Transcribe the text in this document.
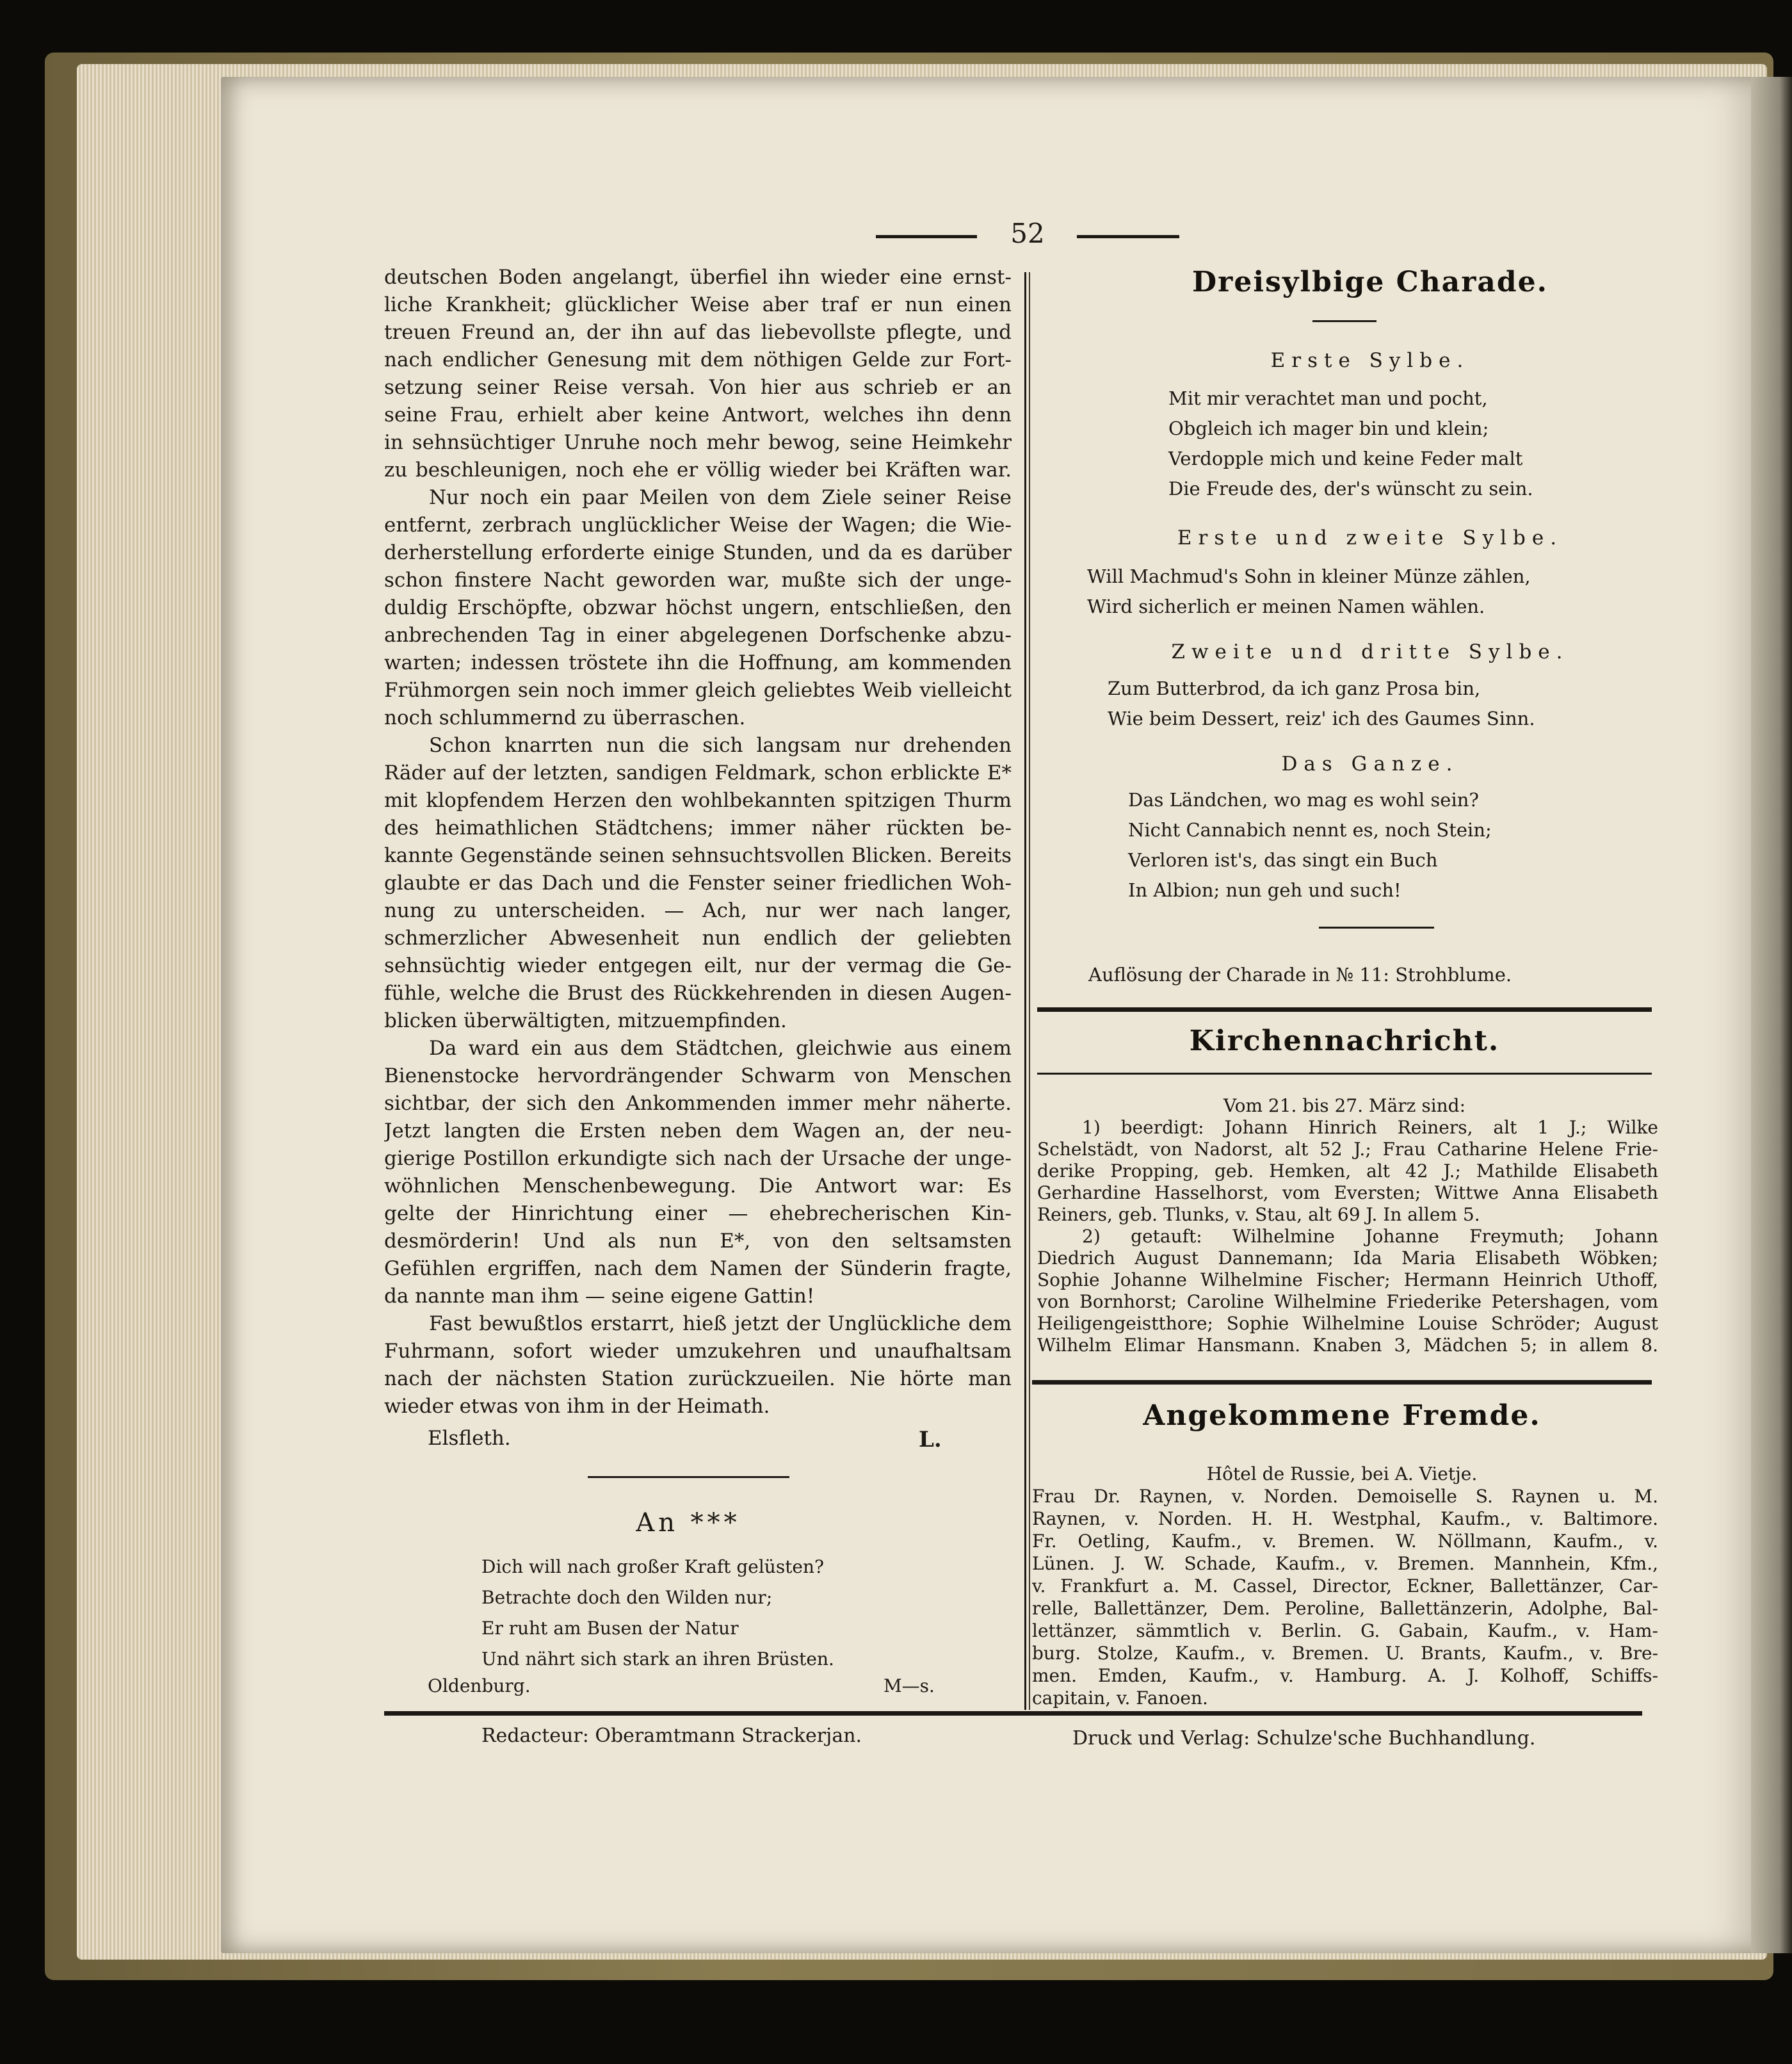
52
deutschen Boden angelangt, überfiel ihn wieder eine ernst-
liche Krankheit; glücklicher Weise aber traf er nun einen
treuen Freund an, der ihn auf das liebevollste pflegte, und
nach endlicher Genesung mit dem nöthigen Gelde zur Fort-
setzung seiner Reise versah. Von hier aus schrieb er an
seine Frau, erhielt aber keine Antwort, welches ihn denn
in sehnsüchtiger Unruhe noch mehr bewog, seine Heimkehr
zu beschleunigen, noch ehe er völlig wieder bei Kräften war.
Nur noch ein paar Meilen von dem Ziele seiner Reise
entfernt, zerbrach unglücklicher Weise der Wagen; die Wie-
derherstellung erforderte einige Stunden, und da es darüber
schon finstere Nacht geworden war, mußte sich der unge-
duldig Erschöpfte, obzwar höchst ungern, entschließen, den
anbrechenden Tag in einer abgelegenen Dorfschenke abzu-
warten; indessen tröstete ihn die Hoffnung, am kommenden
Frühmorgen sein noch immer gleich geliebtes Weib vielleicht
noch schlummernd zu überraschen.
Schon knarrten nun die sich langsam nur drehenden
Räder auf der letzten, sandigen Feldmark, schon erblickte E*
mit klopfendem Herzen den wohlbekannten spitzigen Thurm
des heimathlichen Städtchens; immer näher rückten be-
kannte Gegenstände seinen sehnsuchtsvollen Blicken. Bereits
glaubte er das Dach und die Fenster seiner friedlichen Woh-
nung zu unterscheiden. — Ach, nur wer nach langer,
schmerzlicher Abwesenheit nun endlich der geliebten
sehnsüchtig wieder entgegen eilt, nur der vermag die Ge-
fühle, welche die Brust des Rückkehrenden in diesen Augen-
blicken überwältigten, mitzuempfinden.
Da ward ein aus dem Städtchen, gleichwie aus einem
Bienenstocke hervordrängender Schwarm von Menschen
sichtbar, der sich den Ankommenden immer mehr näherte.
Jetzt langten die Ersten neben dem Wagen an, der neu-
gierige Postillon erkundigte sich nach der Ursache der unge-
wöhnlichen Menschenbewegung. Die Antwort war: Es
gelte der Hinrichtung einer — ehebrecherischen Kin-
desmörderin! Und als nun E*, von den seltsamsten
Gefühlen ergriffen, nach dem Namen der Sünderin fragte,
da nannte man ihm — seine eigene Gattin!
Fast bewußtlos erstarrt, hieß jetzt der Unglückliche dem
Fuhrmann, sofort wieder umzukehren und unaufhaltsam
nach der nächsten Station zurückzueilen. Nie hörte man
wieder etwas von ihm in der Heimath.
Elsfleth.	L.
An ***
Dich will nach großer Kraft gelüsten?
Betrachte doch den Wilden nur;
Er ruht am Busen der Natur
Und nährt sich stark an ihren Brüsten.
Oldenburg.	M—s.
Dreisylbige Charade.
Erste Sylbe.
Mit mir verachtet man und pocht,
Obgleich ich mager bin und klein;
Verdopple mich und keine Feder malt
Die Freude des, der's wünscht zu sein.
Erste und zweite Sylbe.
Will Machmud's Sohn in kleiner Münze zählen,
Wird sicherlich er meinen Namen wählen.
Zweite und dritte Sylbe.
Zum Butterbrod, da ich ganz Prosa bin,
Wie beim Dessert, reiz' ich des Gaumes Sinn.
Das Ganze.
Das Ländchen, wo mag es wohl sein?
Nicht Cannabich nennt es, noch Stein;
Verloren ist's, das singt ein Buch
In Albion; nun geh und such!
Auflösung der Charade in № 11: Strohblume.
Kirchennachricht.
Vom 21. bis 27. März sind:
1) beerdigt: Johann Hinrich Reiners, alt 1 J.; Wilke
Schelstädt, von Nadorst, alt 52 J.; Frau Catharine Helene Frie-
derike Propping, geb. Hemken, alt 42 J.; Mathilde Elisabeth
Gerhardine Hasselhorst, vom Eversten; Wittwe Anna Elisabeth
Reiners, geb. Tlunks, v. Stau, alt 69 J. In allem 5.
2) getauft: Wilhelmine Johanne Freymuth; Johann
Diedrich August Dannemann; Ida Maria Elisabeth Wöbken;
Sophie Johanne Wilhelmine Fischer; Hermann Heinrich Uthoff,
von Bornhorst; Caroline Wilhelmine Friederike Petershagen, vom
Heiligengeistthore; Sophie Wilhelmine Louise Schröder; August
Wilhelm Elimar Hansmann. Knaben 3, Mädchen 5; in allem 8.
Angekommene Fremde.
Hôtel de Russie, bei A. Vietje.
Frau Dr. Raynen, v. Norden. Demoiselle S. Raynen u. M.
Raynen, v. Norden. H. H. Westphal, Kaufm., v. Baltimore.
Fr. Oetling, Kaufm., v. Bremen. W. Nöllmann, Kaufm., v.
Lünen. J. W. Schade, Kaufm., v. Bremen. Mannhein, Kfm.,
v. Frankfurt a. M. Cassel, Director, Eckner, Ballettänzer, Car-
relle, Ballettänzer, Dem. Peroline, Ballettänzerin, Adolphe, Bal-
lettänzer, sämmtlich v. Berlin. G. Gabain, Kaufm., v. Ham-
burg. Stolze, Kaufm., v. Bremen. U. Brants, Kaufm., v. Bre-
men. Emden, Kaufm., v. Hamburg. A. J. Kolhoff, Schiffs-
capitain, v. Fanoen.
Redacteur: Oberamtmann Strackerjan.	Druck und Verlag: Schulze'sche Buchhandlung.
